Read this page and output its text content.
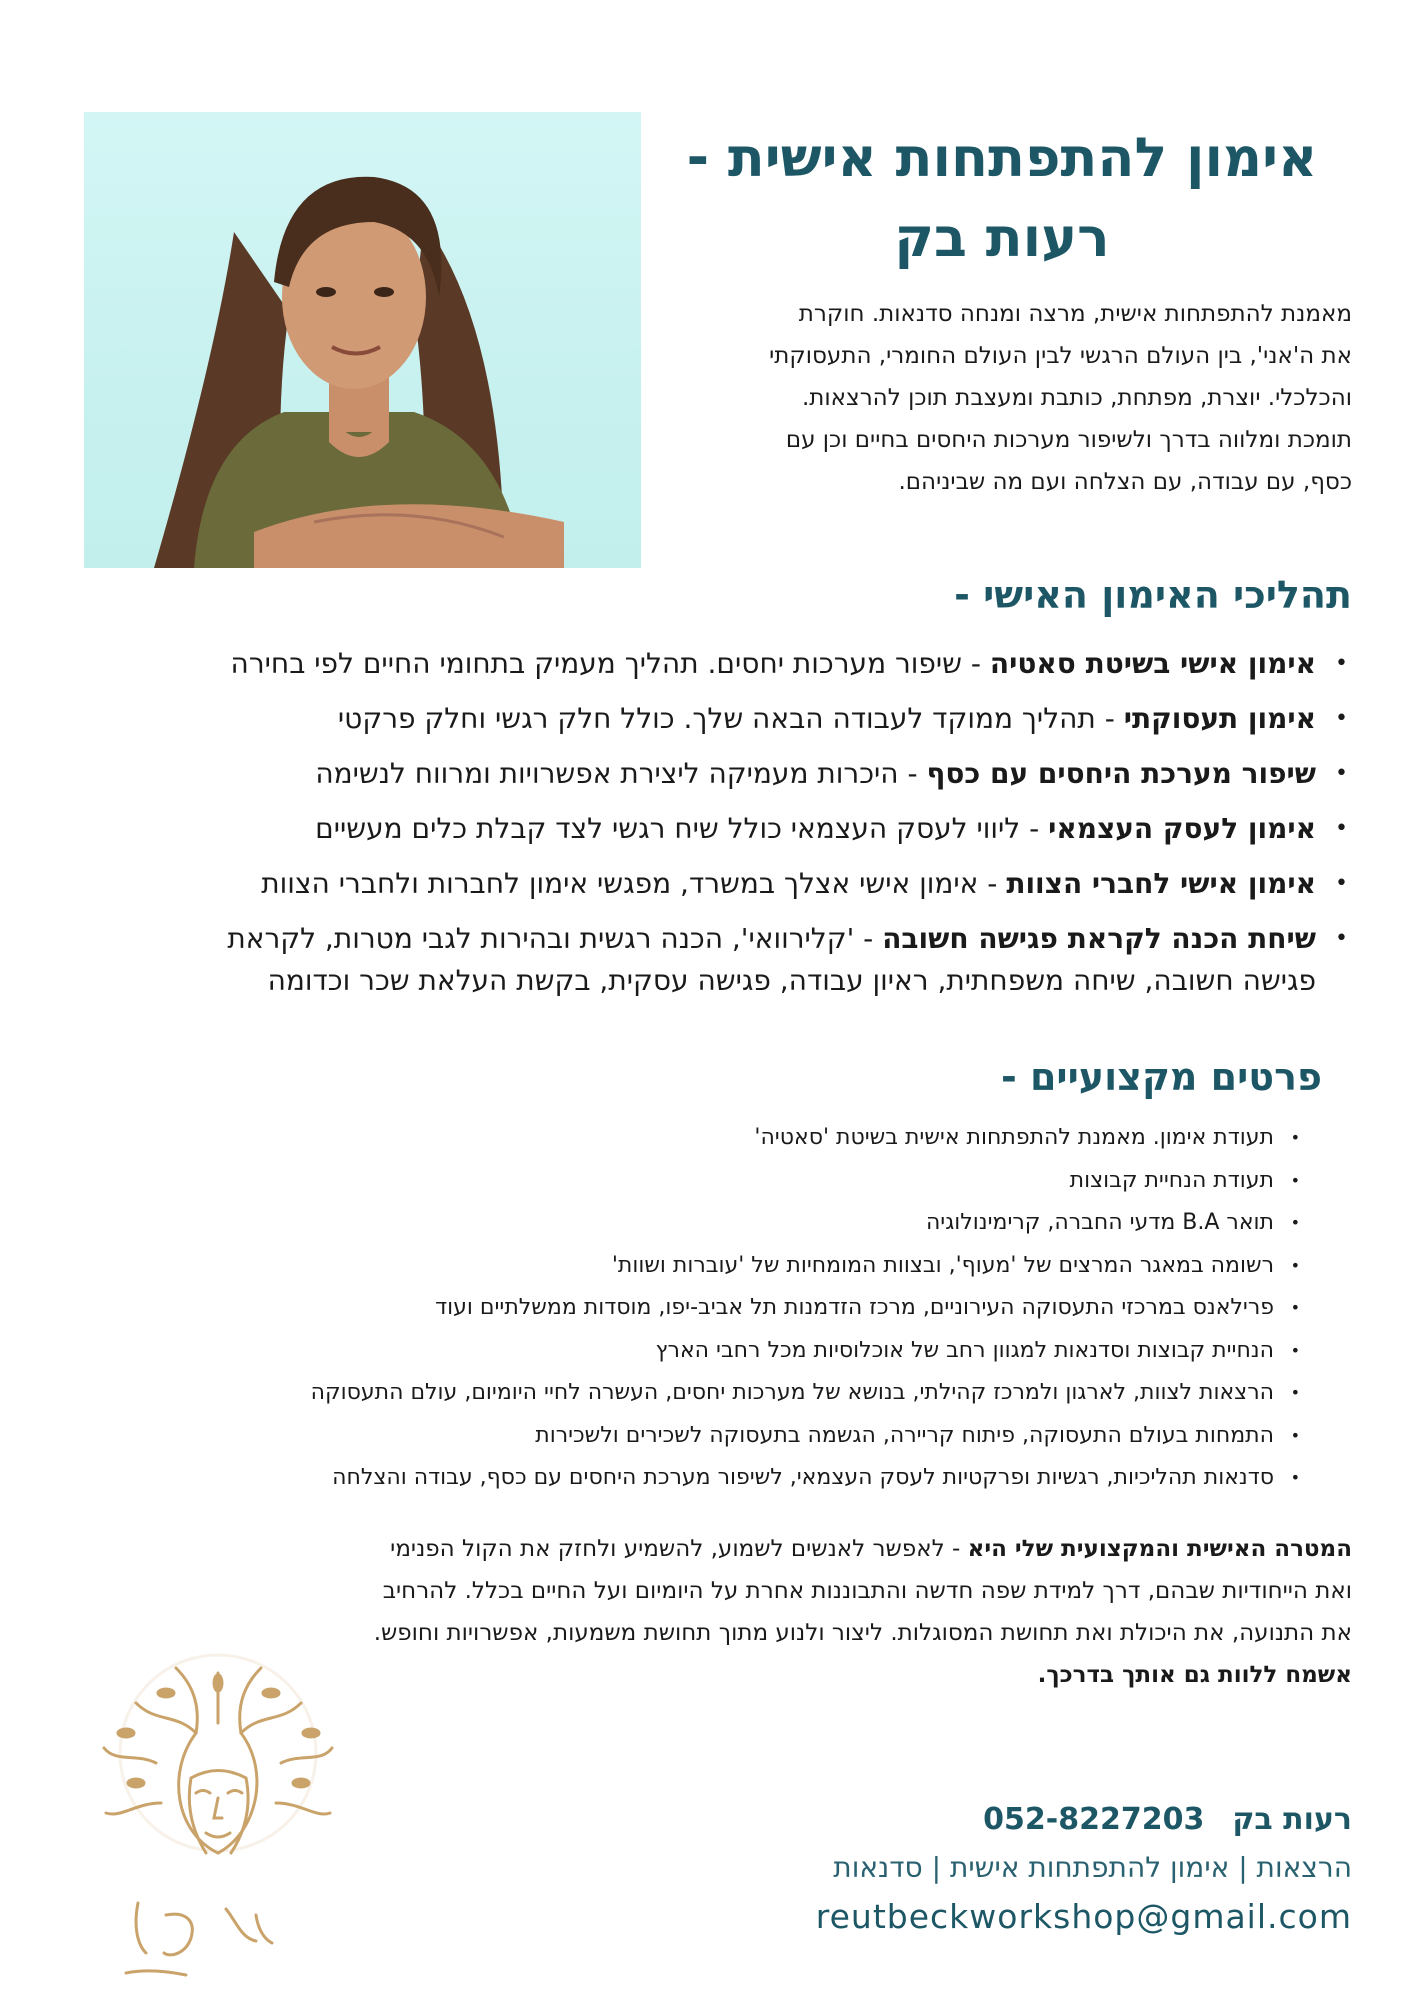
אימון להתפתחות אישית -
רעות בק
מאמנת להתפתחות אישית, מרצה ומנחה סדנאות. חוקרת
את ה'אני', בין העולם הרגשי לבין העולם החומרי, התעסוקתי
והכלכלי. יוצרת, מפתחת, כותבת ומעצבת תוכן להרצאות.
תומכת ומלווה בדרך ולשיפור מערכות היחסים בחיים וכן עם
כסף, עם עבודה, עם הצלחה ועם מה שביניהם.
תהליכי האימון האישי -
•
אימון אישי בשיטת סאטיה - שיפור מערכות יחסים. תהליך מעמיק בתחומי החיים לפי בחירה
•
אימון תעסוקתי - תהליך ממוקד לעבודה הבאה שלך. כולל חלק רגשי וחלק פרקטי
•
שיפור מערכת היחסים עם כסף - היכרות מעמיקה ליצירת אפשרויות ומרווח לנשימה
•
אימון לעסק העצמאי - ליווי לעסק העצמאי כולל שיח רגשי לצד קבלת כלים מעשיים
•
אימון אישי לחברי הצוות - אימון אישי אצלך במשרד, מפגשי אימון לחברות ולחברי הצוות
•
שיחת הכנה לקראת פגישה חשובה - 'קלירוואי', הכנה רגשית ובהירות לגבי מטרות, לקראת
פגישה חשובה, שיחה משפחתית, ראיון עבודה, פגישה עסקית, בקשת העלאת שכר וכדומה
פרטים מקצועיים -
•
תעודת אימון. מאמנת להתפתחות אישית בשיטת 'סאטיה'
•
תעודת הנחיית קבוצות
•
תואר B.A מדעי החברה, קרימינולוגיה
•
רשומה במאגר המרצים של 'מעוף', ובצוות המומחיות של 'עוברות ושוות'
•
פרילאנס במרכזי התעסוקה העירוניים, מרכז הזדמנות תל אביב-יפו, מוסדות ממשלתיים ועוד
•
הנחיית קבוצות וסדנאות למגוון רחב של אוכלוסיות מכל רחבי הארץ
•
הרצאות לצוות, לארגון ולמרכז קהילתי, בנושא של מערכות יחסים, העשרה לחיי היומיום, עולם התעסוקה
•
התמחות בעולם התעסוקה, פיתוח קריירה, הגשמה בתעסוקה לשכירים ולשכירות
•
סדנאות תהליכיות, רגשיות ופרקטיות לעסק העצמאי, לשיפור מערכת היחסים עם כסף, עבודה והצלחה
המטרה האישית והמקצועית שלי היא - לאפשר לאנשים לשמוע, להשמיע ולחזק את הקול הפנימי
ואת הייחודיות שבהם, דרך למידת שפה חדשה והתבוננות אחרת על היומיום ועל החיים בכלל. להרחיב
את התנועה, את היכולת ואת תחושת המסוגלות. ליצור ולנוע מתוך תחושת משמעות, אפשרויות וחופש.
אשמח ללוות גם אותך בדרכך.
רעות בק052-8227203
הרצאות | אימון להתפתחות אישית | סדנאות
reutbeckworkshop@gmail.com
